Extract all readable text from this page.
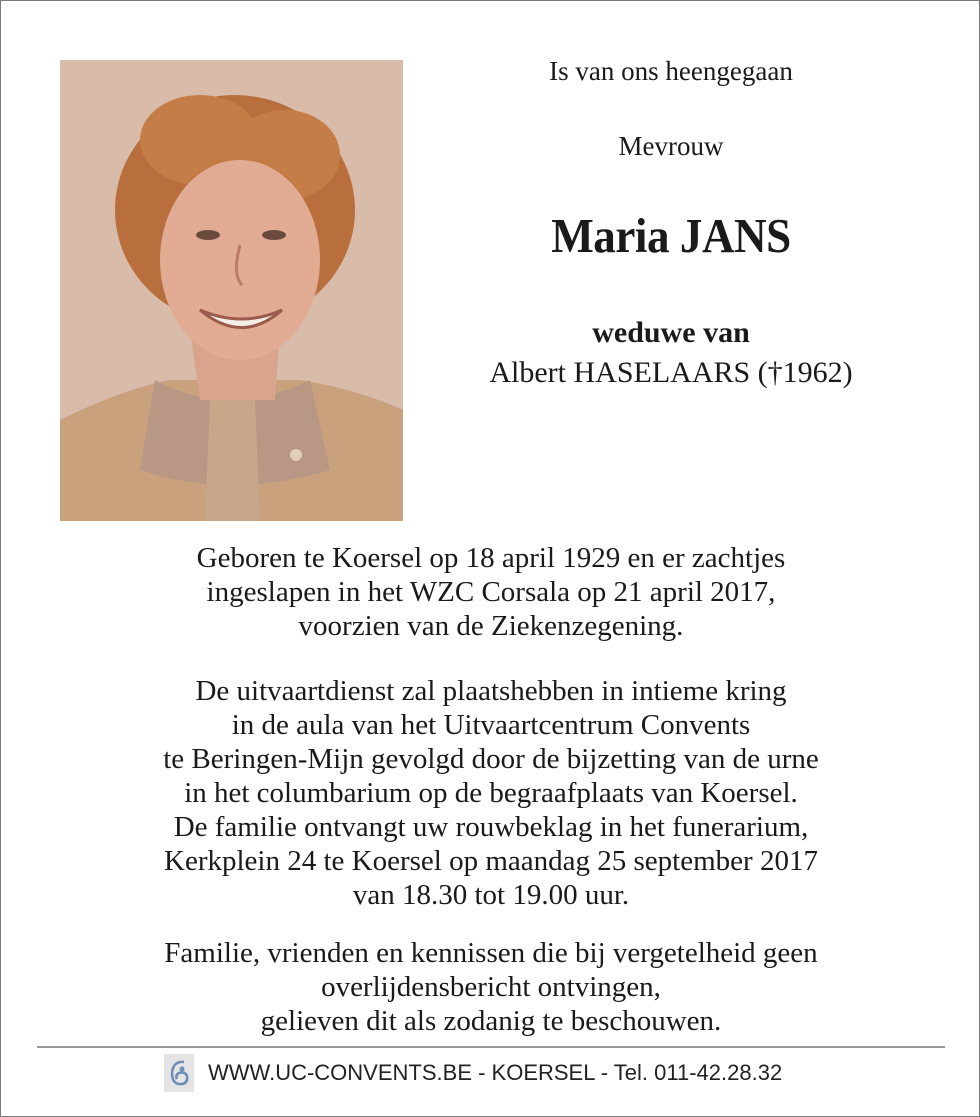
Is van ons heengegaan
Mevrouw
Maria JANS
weduwe van
Albert HASELAARS (†1962)
Geboren te Koersel op 18 april 1929 en er zachtjes
ingeslapen in het WZC Corsala op 21 april 2017,
voorzien van de Ziekenzegening.
De uitvaartdienst zal plaatshebben in intieme kring
in de aula van het Uitvaartcentrum Convents
te Beringen-Mijn gevolgd door de bijzetting van de urne
in het columbarium op de begraafplaats van Koersel.
De familie ontvangt uw rouwbeklag in het funerarium,
Kerkplein 24 te Koersel op maandag 25 september 2017
van 18.30 tot 19.00 uur.
Familie, vrienden en kennissen die bij vergetelheid geen
overlijdensbericht ontvingen,
gelieven dit als zodanig te beschouwen.
WWW.UC-CONVENTS.BE - KOERSEL - Tel. 011-42.28.32
